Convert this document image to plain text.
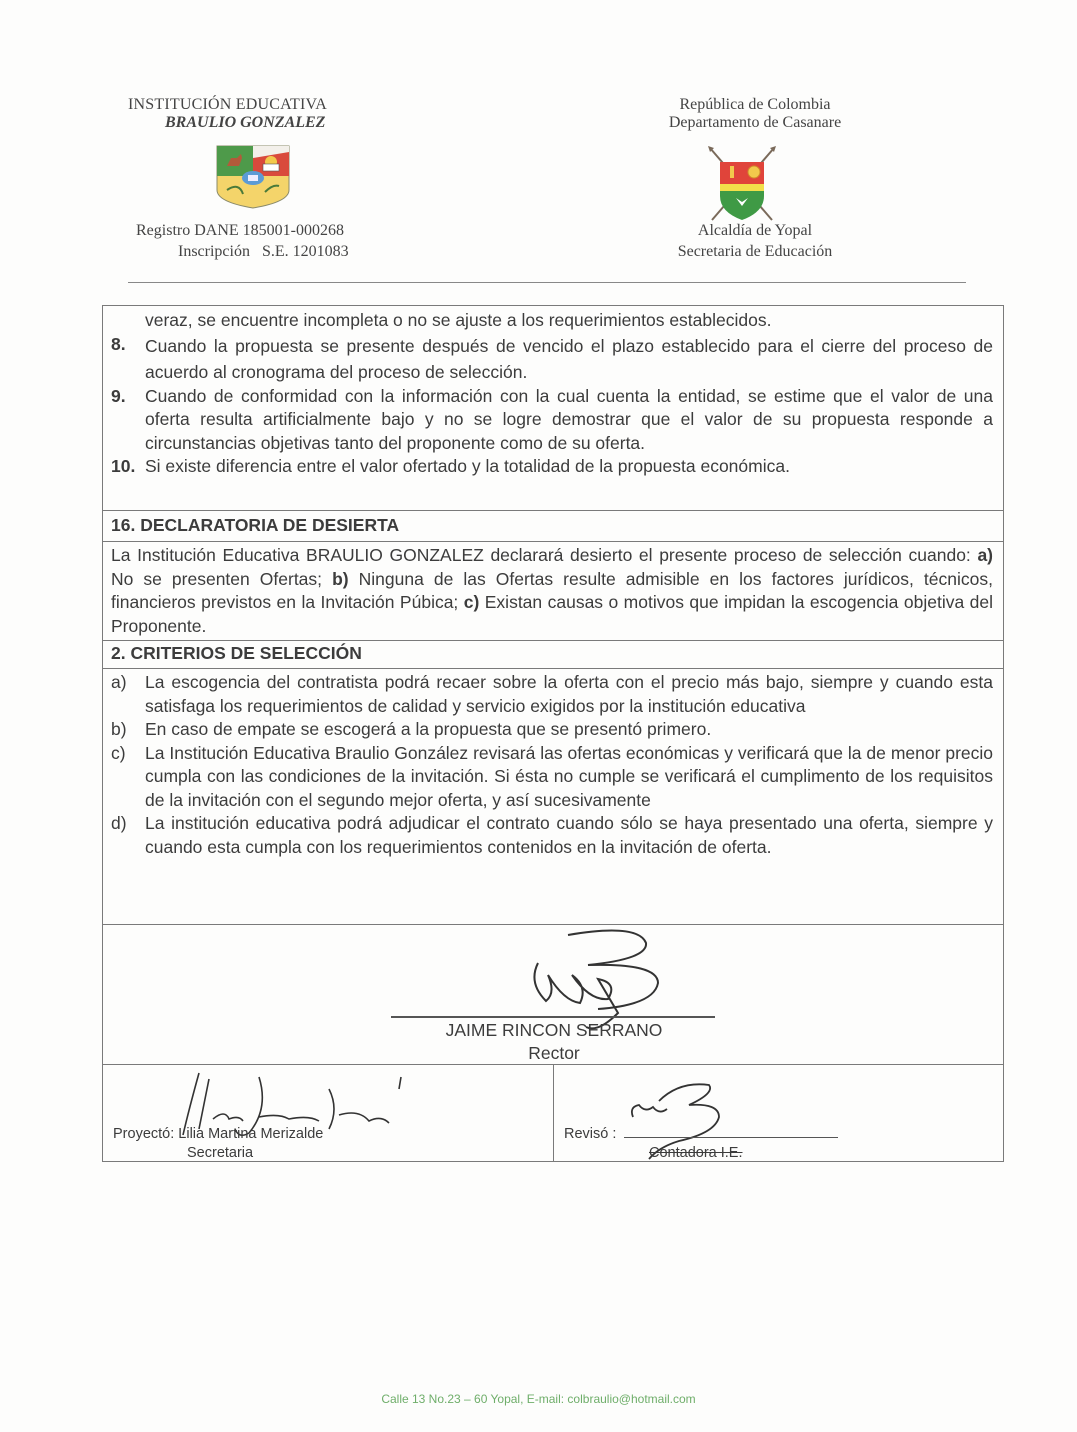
INSTITUCIÓN EDUCATIVA
BRAULIO GONZALEZ
Registro DANE 185001-000268
Inscripción S.E. 1201083
República de Colombia
Departamento de Casanare
Alcaldía de Yopal
Secretaria de Educación
veraz, se encuentre incompleta o no se ajuste a los requerimientos establecidos.
8.	Cuando la propuesta se presente después de vencido el plazo establecido para el cierre del proceso de acuerdo al cronograma del proceso de selección.
9.	Cuando de conformidad con la información con la cual cuenta la entidad, se estime que el valor de una oferta resulta artificialmente bajo y no se logre demostrar que el valor de su propuesta responde a circunstancias objetivas tanto del proponente como de su oferta.
10. Si existe diferencia entre el valor ofertado y la totalidad de la propuesta económica.
16. DECLARATORIA DE DESIERTA
La Institución Educativa BRAULIO GONZALEZ declarará desierto el presente proceso de selección cuando: a) No se presenten Ofertas; b) Ninguna de las Ofertas resulte admisible en los factores jurídicos, técnicos, financieros previstos en la Invitación Púbica; c) Existan causas o motivos que impidan la escogencia objetiva del Proponente.
2. CRITERIOS DE SELECCIÓN
a)	La escogencia del contratista podrá recaer sobre la oferta con el precio más bajo, siempre y cuando esta satisfaga los requerimientos de calidad y servicio exigidos por la institución educativa
b)	En caso de empate se escogerá a la propuesta que se presentó primero.
c)	La Institución Educativa Braulio González revisará las ofertas económicas y verificará que la de menor precio cumpla con las condiciones de la invitación. Si ésta no cumple se verificará el cumplimento de los requisitos de la invitación con el segundo mejor oferta, y así sucesivamente
d)	La institución educativa podrá adjudicar el contrato cuando sólo se haya presentado una oferta, siempre y cuando esta cumpla con los requerimientos contenidos en la invitación de oferta.
JAIME RINCON SERRANO
Rector
Proyectó: Lilia Martina Merizalde
Secretaria
Revisó :
Contadora I.E.
Calle 13 No.23 – 60 Yopal, E-mail: colbraulio@hotmail.com
